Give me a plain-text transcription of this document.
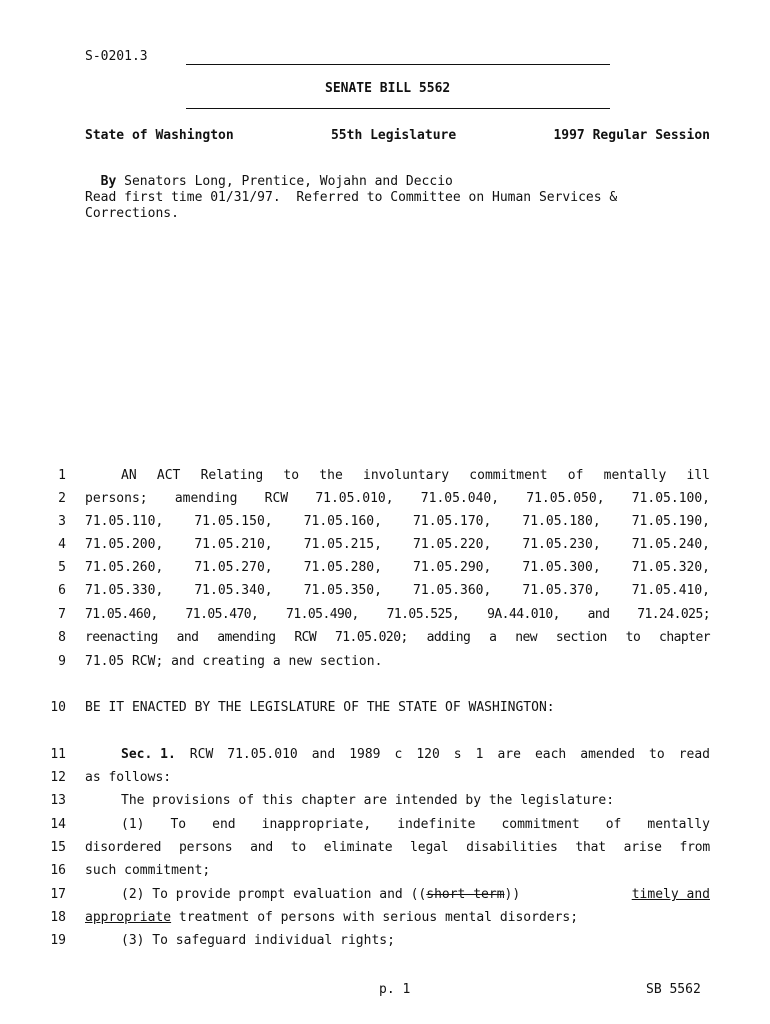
S-0201.3
SENATE BILL 5562
State of Washington	55th Legislature	1997 Regular Session

By Senators Long, Prentice, Wojahn and Deccio

Read first time 01/31/97.  Referred to Committee on Human Services &
Corrections.
1	AN ACT Relating to the involuntary commitment of mentally ill
2 persons; amending RCW 71.05.010, 71.05.040, 71.05.050, 71.05.100,
3 71.05.110, 71.05.150, 71.05.160, 71.05.170, 71.05.180, 71.05.190,
4 71.05.200, 71.05.210, 71.05.215, 71.05.220, 71.05.230, 71.05.240,
5 71.05.260, 71.05.270, 71.05.280, 71.05.290, 71.05.300, 71.05.320,
6 71.05.330, 71.05.340, 71.05.350, 71.05.360, 71.05.370, 71.05.410,
7 71.05.460, 71.05.470, 71.05.490, 71.05.525, 9A.44.010, and 71.24.025;
8 reenacting and amending RCW 71.05.020; adding a new section to chapter
9 71.05 RCW; and creating a new section.
10 BE IT ENACTED BY THE LEGISLATURE OF THE STATE OF WASHINGTON:
11	Sec. 1. RCW 71.05.010 and 1989 c 120 s 1 are each amended to read
12 as follows:
13	The provisions of this chapter are intended by the legislature:
14	(1) To end inappropriate, indefinite commitment of mentally
15 disordered persons and to eliminate legal disabilities that arise from
16 such commitment;
17	(2) To provide prompt evaluation and ((short term))	timely and
18 appropriate treatment of persons with serious mental disorders;
19	(3) To safeguard individual rights;
p. 1	SB 5562
